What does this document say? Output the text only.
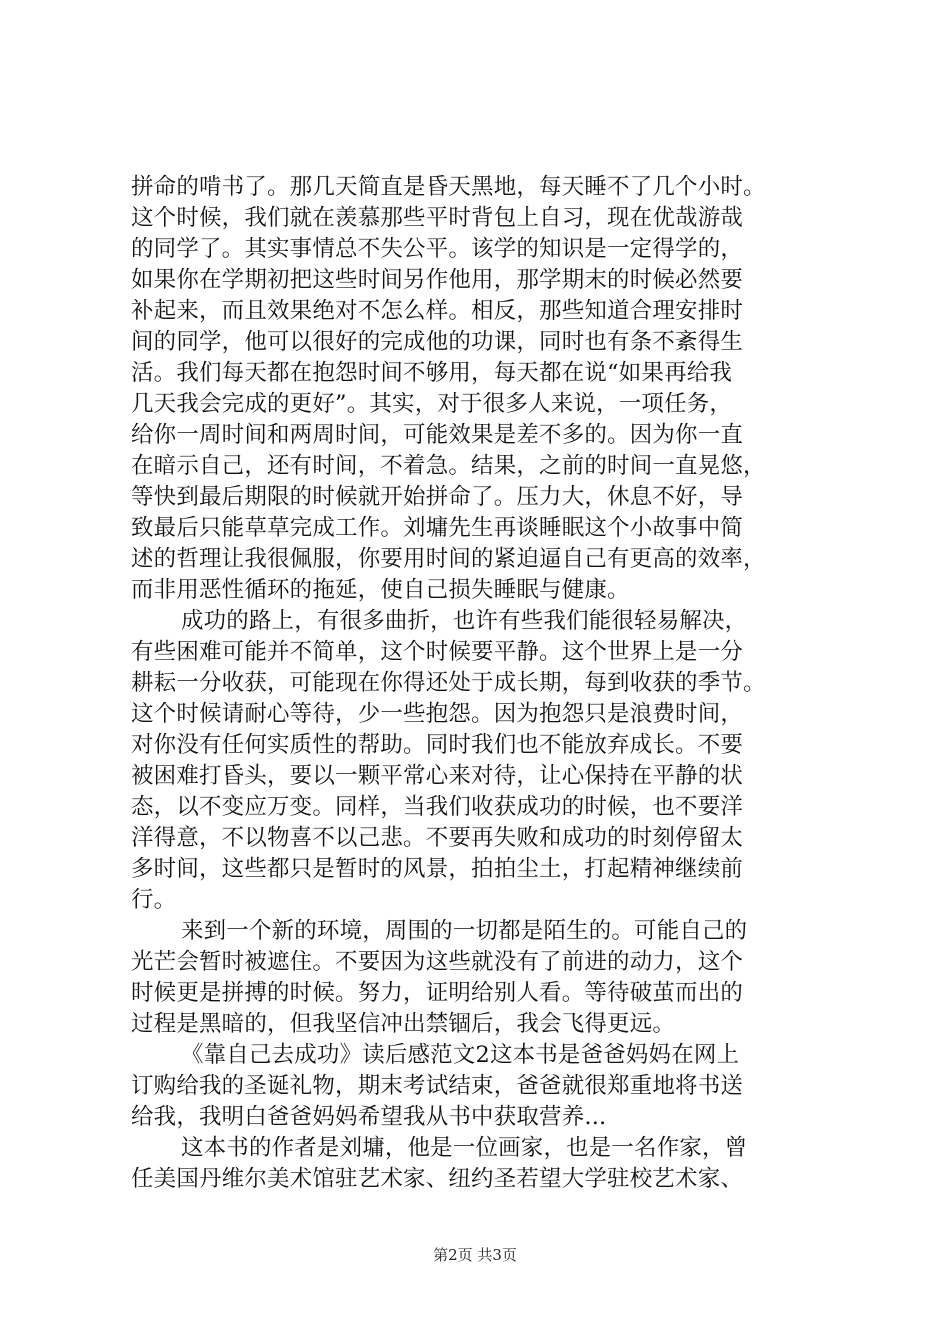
拼命的啃书了。那几天简直是昏天黑地，每天睡不了几个小时。
这个时候，我们就在羡慕那些平时背包上自习，现在优哉游哉
的同学了。其实事情总不失公平。该学的知识是一定得学的，
如果你在学期初把这些时间另作他用，那学期末的时候必然要
补起来，而且效果绝对不怎么样。相反，那些知道合理安排时
间的同学，他可以很好的完成他的功课，同时也有条不紊得生
活。我们每天都在抱怨时间不够用，每天都在说“如果再给我
几天我会完成的更好”。其实，对于很多人来说，一项任务，
给你一周时间和两周时间，可能效果是差不多的。因为你一直
在暗示自己，还有时间，不着急。结果，之前的时间一直晃悠，
等快到最后期限的时候就开始拼命了。压力大，休息不好，导
致最后只能草草完成工作。刘墉先生再谈睡眠这个小故事中简
述的哲理让我很佩服，你要用时间的紧迫逼自己有更高的效率，
而非用恶性循环的拖延，使自己损失睡眠与健康。
成功的路上，有很多曲折，也许有些我们能很轻易解决，
有些困难可能并不简单，这个时候要平静。这个世界上是一分
耕耘一分收获，可能现在你得还处于成长期，每到收获的季节。
这个时候请耐心等待，少一些抱怨。因为抱怨只是浪费时间，
对你没有任何实质性的帮助。同时我们也不能放弃成长。不要
被困难打昏头，要以一颗平常心来对待，让心保持在平静的状
态，以不变应万变。同样，当我们收获成功的时候，也不要洋
洋得意，不以物喜不以己悲。不要再失败和成功的时刻停留太
多时间，这些都只是暂时的风景，拍拍尘土，打起精神继续前
行。
来到一个新的环境，周围的一切都是陌生的。可能自己的
光芒会暂时被遮住。不要因为这些就没有了前进的动力，这个
时候更是拼搏的时候。努力，证明给别人看。等待破茧而出的
过程是黑暗的，但我坚信冲出禁锢后，我会飞得更远。
《靠自己去成功》读后感范文2这本书是爸爸妈妈在网上
订购给我的圣诞礼物，期末考试结束，爸爸就很郑重地将书送
给我，我明白爸爸妈妈希望我从书中获取营养...
这本书的作者是刘墉，他是一位画家，也是一名作家，曾
任美国丹维尔美术馆驻艺术家、纽约圣若望大学驻校艺术家、
第2页 共3页
